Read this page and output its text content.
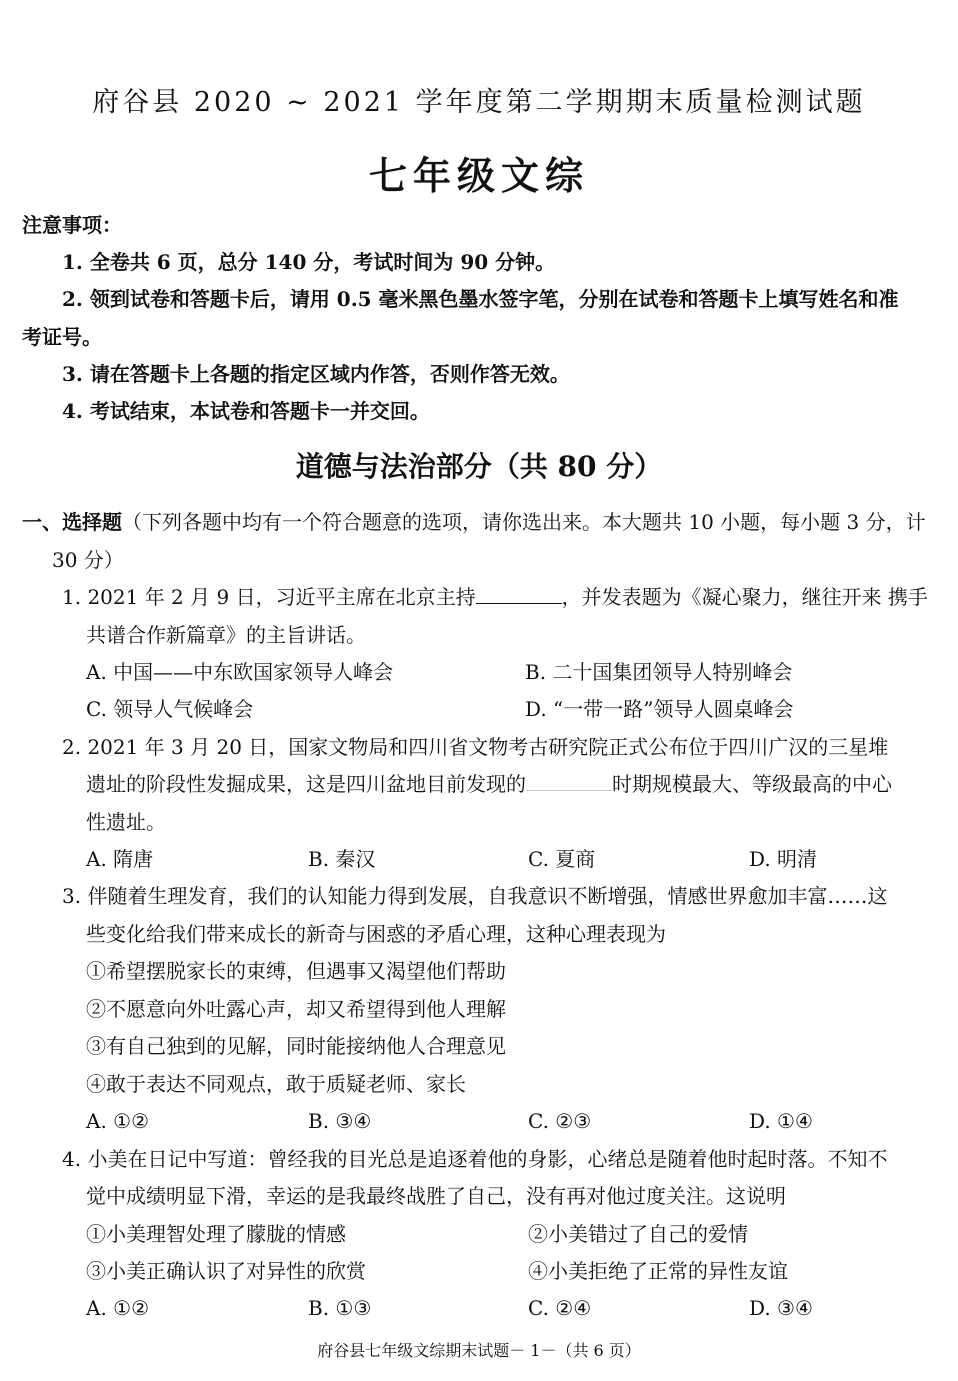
府谷县 2020 ~ 2021 学年度第二学期期末质量检测试题
七年级文综
注意事项：
1. 全卷共 6 页，总分 140 分，考试时间为 90 分钟。
2. 领到试卷和答题卡后，请用 0.5 毫米黑色墨水签字笔，分别在试卷和答题卡上填写姓名和准
考证号。
3. 请在答题卡上各题的指定区域内作答，否则作答无效。
4. 考试结束，本试卷和答题卡一并交回。
道德与法治部分（共 80 分）
一、选择题（下列各题中均有一个符合题意的选项，请你选出来。本大题共 10 小题，每小题 3 分，计
30 分）
1. 2021 年 2 月 9 日，习近平主席在北京主持	，并发表题为《凝心聚力，继往开来 携手
共谱合作新篇章》的主旨讲话。
A. 中国——中东欧国家领导人峰会	B. 二十国集团领导人特别峰会
C. 领导人气候峰会	D. “一带一路”领导人圆桌峰会
2. 2021 年 3 月 20 日，国家文物局和四川省文物考古研究院正式公布位于四川广汉的三星堆
遗址的阶段性发掘成果，这是四川盆地目前发现的	时期规模最大、等级最高的中心
性遗址。
A. 隋唐	B. 秦汉	C. 夏商	D. 明清
3. 伴随着生理发育，我们的认知能力得到发展，自我意识不断增强，情感世界愈加丰富……这
些变化给我们带来成长的新奇与困惑的矛盾心理，这种心理表现为
①希望摆脱家长的束缚，但遇事又渴望他们帮助
②不愿意向外吐露心声，却又希望得到他人理解
③有自己独到的见解，同时能接纳他人合理意见
④敢于表达不同观点，敢于质疑老师、家长
A. ①②	B. ③④	C. ②③	D. ①④
4. 小美在日记中写道：曾经我的目光总是追逐着他的身影，心绪总是随着他时起时落。不知不
觉中成绩明显下滑，幸运的是我最终战胜了自己，没有再对他过度关注。这说明
①小美理智处理了朦胧的情感	②小美错过了自己的爱情
③小美正确认识了对异性的欣赏	④小美拒绝了正常的异性友谊
A. ①②	B. ①③	C. ②④	D. ③④
府谷县七年级文综期末试题－ 1－（共 6 页）
